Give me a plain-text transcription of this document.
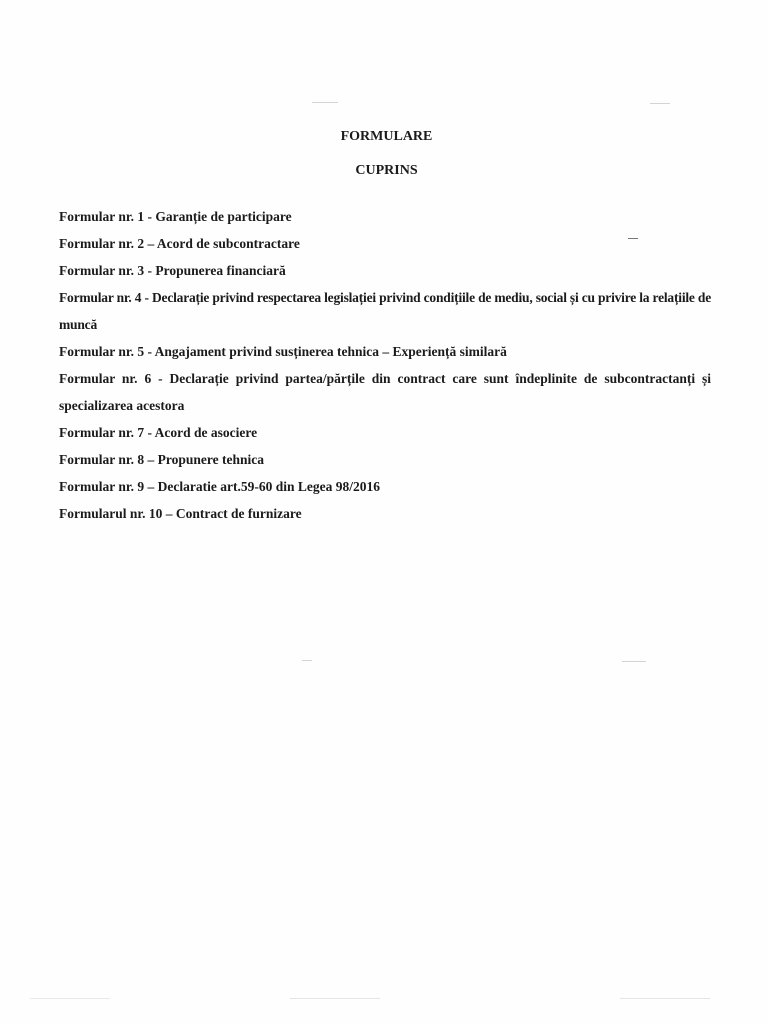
FORMULARE
CUPRINS
Formular nr. 1 - Garanție de participare
Formular nr. 2 – Acord de subcontractare
Formular nr. 3 - Propunerea financiară
Formular nr. 4 - Declarație privind respectarea legislației privind condițiile de mediu, social și cu privire la relațiile de muncă
Formular nr. 5 - Angajament privind susținerea tehnica – Experiență similară
Formular nr. 6 - Declarație privind partea/părțile din contract care sunt îndeplinite de subcontractanți și specializarea acestora
Formular nr. 7 - Acord de asociere
Formular nr. 8 – Propunere tehnica
Formular nr. 9 – Declaratie art.59-60 din Legea 98/2016
Formularul nr. 10 – Contract de furnizare
